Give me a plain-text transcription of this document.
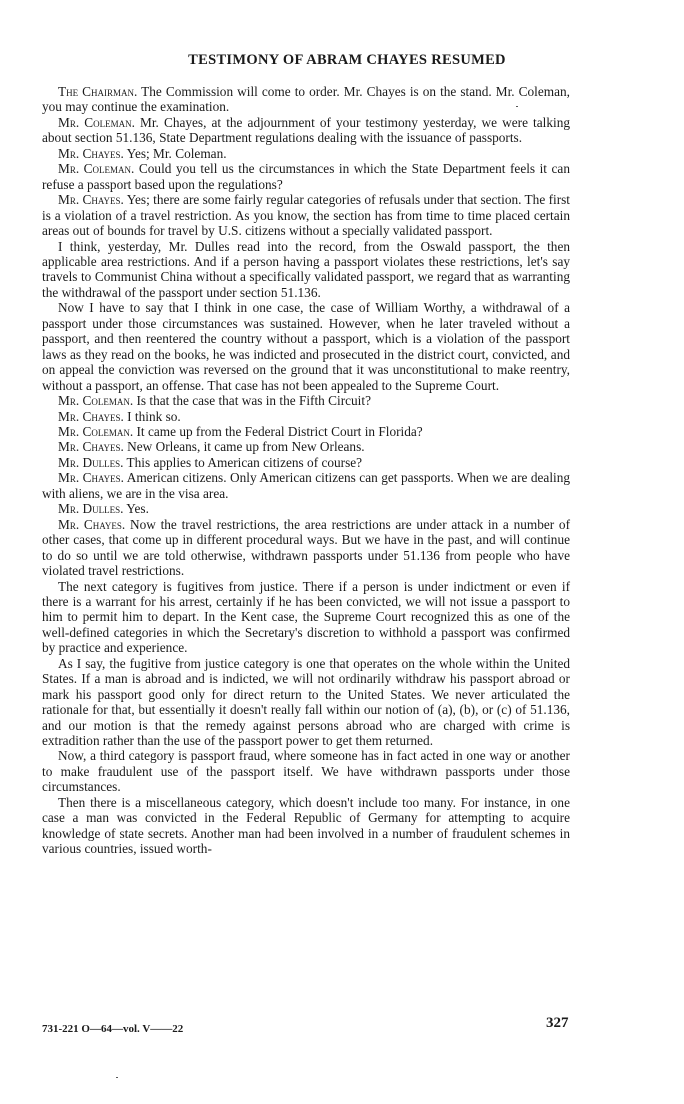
TESTIMONY OF ABRAM CHAYES RESUMED

The Chairman. The Commission will come to order. Mr. Chayes is on the stand. Mr. Coleman, you may continue the examination.

Mr. Coleman. Mr. Chayes, at the adjournment of your testimony yesterday, we were talking about section 51.136, State Department regulations dealing with the issuance of passports.

Mr. Chayes. Yes; Mr. Coleman.

Mr. Coleman. Could you tell us the circumstances in which the State Department feels it can refuse a passport based upon the regulations?

Mr. Chayes. Yes; there are some fairly regular categories of refusals under that section. The first is a violation of a travel restriction. As you know, the section has from time to time placed certain areas out of bounds for travel by U.S. citizens without a specially validated passport.

I think, yesterday, Mr. Dulles read into the record, from the Oswald passport, the then applicable area restrictions. And if a person having a passport violates these restrictions, let's say travels to Communist China without a specifically validated passport, we regard that as warranting the withdrawal of the passport under section 51.136.

Now I have to say that I think in one case, the case of William Worthy, a withdrawal of a passport under those circumstances was sustained. However, when he later traveled without a passport, and then reentered the country without a passport, which is a violation of the passport laws as they read on the books, he was indicted and prosecuted in the district court, convicted, and on appeal the conviction was reversed on the ground that it was unconstitutional to make reentry, without a passport, an offense. That case has not been appealed to the Supreme Court.

Mr. Coleman. Is that the case that was in the Fifth Circuit?

Mr. Chayes. I think so.

Mr. Coleman. It came up from the Federal District Court in Florida?

Mr. Chayes. New Orleans, it came up from New Orleans.

Mr. Dulles. This applies to American citizens of course?

Mr. Chayes. American citizens. Only American citizens can get passports. When we are dealing with aliens, we are in the visa area.

Mr. Dulles. Yes.

Mr. Chayes. Now the travel restrictions, the area restrictions are under attack in a number of other cases, that come up in different procedural ways. But we have in the past, and will continue to do so until we are told otherwise, withdrawn passports under 51.136 from people who have violated travel restrictions.

The next category is fugitives from justice. There if a person is under indictment or even if there is a warrant for his arrest, certainly if he has been convicted, we will not issue a passport to him to permit him to depart. In the Kent case, the Supreme Court recognized this as one of the well-defined categories in which the Secretary's discretion to withhold a passport was confirmed by practice and experience.

As I say, the fugitive from justice category is one that operates on the whole within the United States. If a man is abroad and is indicted, we will not ordinarily withdraw his passport abroad or mark his passport good only for direct return to the United States. We never articulated the rationale for that, but essentially it doesn't really fall within our notion of (a), (b), or (c) of 51.136, and our motion is that the remedy against persons abroad who are charged with crime is extradition rather than the use of the passport power to get them returned.

Now, a third category is passport fraud, where someone has in fact acted in one way or another to make fraudulent use of the passport itself. We have withdrawn passports under those circumstances.

Then there is a miscellaneous category, which doesn't include too many. For instance, in one case a man was convicted in the Federal Republic of Germany for attempting to acquire knowledge of state secrets. Another man had been involved in a number of fraudulent schemes in various countries, issued worth-

731-221 O—64—vol. V——22	327
